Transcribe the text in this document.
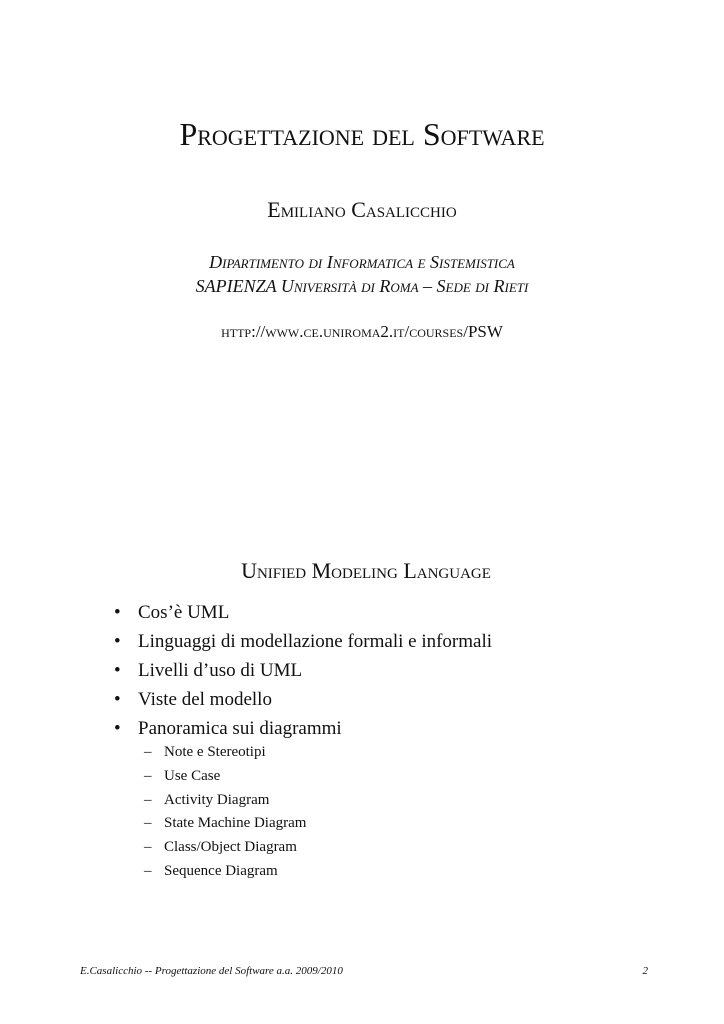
Progettazione del Software
Emiliano Casalicchio
Dipartimento di Informatica e Sistemistica
SAPIENZA Università di Roma – Sede di Rieti
http://www.ce.uniroma2.it/courses/PSW
Unified Modeling Language
• Cos’è UML
• Linguaggi di modellazione formali e informali
• Livelli d’uso di UML
• Viste del modello
• Panoramica sui diagrammi
– Note e Stereotipi
– Use Case
– Activity Diagram
– State Machine Diagram
– Class/Object Diagram
– Sequence Diagram
E.Casalicchio -- Progettazione del Software a.a. 2009/2010	2
